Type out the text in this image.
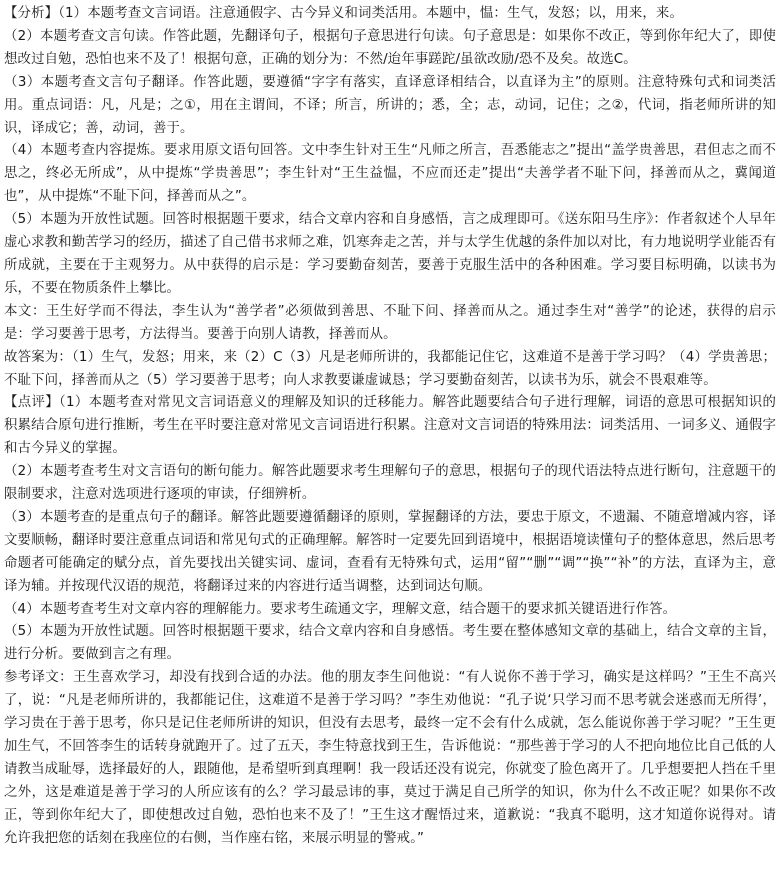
【分析】（1）本题考查文言词语。注意通假字、古今异义和词类活用。本题中，愠：生气，发怒；以，用来，来。

（2）本题考查文言句读。作答此题，先翻译句子，根据句子意思进行句读。句子意思是：如果你不改正，等到你年纪大了，即使想改过自勉，恐怕也来不及了！根据句意，正确的划分为：不然/迨年事蹉跎/虽欲改励/恐不及矣。故选C。

（3）本题考查文言句子翻译。作答此题，要遵循“字字有落实，直译意译相结合，以直译为主”的原则。注意特殊句式和词类活用。重点词语：凡，凡是；之①，用在主谓间，不译；所言，所讲的；悉，全；志，动词，记住；之②，代词，指老师所讲的知识，译成它；善，动词，善于。

（4）本题考查内容提炼。要求用原文语句回答。文中李生针对王生“凡师之所言，吾悉能志之”提出“盖学贵善思，君但志之而不思之，终必无所成”，从中提炼“学贵善思”；李生针对“王生益愠，不应而还走”提出“夫善学者不耻下问，择善而从之，冀闻道也”，从中提炼“不耻下问，择善而从之”。

（5）本题为开放性试题。回答时根据题干要求，结合文章内容和自身感悟，言之成理即可。《送东阳马生序》：作者叙述个人早年虚心求教和勤苦学习的经历，描述了自己借书求师之难，饥寒奔走之苦，并与太学生优越的条件加以对比，有力地说明学业能否有所成就，主要在于主观努力。从中获得的启示是：学习要勤奋刻苦，要善于克服生活中的各种困难。学习要目标明确，以读书为乐，不要在物质条件上攀比。

本文：王生好学而不得法，李生认为“善学者”必须做到善思、不耻下问、择善而从之。通过李生对“善学”的论述，获得的启示是：学习要善于思考，方法得当。要善于向别人请教，择善而从。

故答案为：（1）生气，发怒；用来，来（2）C（3）凡是老师所讲的，我都能记住它，这难道不是善于学习吗？（4）学贵善思；不耻下问，择善而从之（5）学习要善于思考；向人求教要谦虚诚恳；学习要勤奋刻苦，以读书为乐，就会不畏艰难等。

【点评】（1）本题考查对常见文言词语意义的理解及知识的迁移能力。解答此题要结合句子进行理解，词语的意思可根据知识的积累结合原句进行推断，考生在平时要注意对常见文言词语进行积累。注意对文言词语的特殊用法：词类活用、一词多义、通假字和古今异义的掌握。

（2）本题考查考生对文言语句的断句能力。解答此题要求考生理解句子的意思，根据句子的现代语法特点进行断句，注意题干的限制要求，注意对选项进行逐项的审读，仔细辨析。

（3）本题考查的是重点句子的翻译。解答此题要遵循翻译的原则，掌握翻译的方法，要忠于原文，不遗漏、不随意增减内容，译文要顺畅，翻译时要注意重点词语和常见句式的正确理解。解答时一定要先回到语境中，根据语境读懂句子的整体意思，然后思考命题者可能确定的赋分点，首先要找出关键实词、虚词，查看有无特殊句式，运用“留”“删”“调”“换”“补”的方法，直译为主，意译为辅。并按现代汉语的规范，将翻译过来的内容进行适当调整，达到词达句顺。

（4）本题考查考生对文章内容的理解能力。要求考生疏通文字，理解文意，结合题干的要求抓关键语进行作答。

（5）本题为开放性试题。回答时根据题干要求，结合文章内容和自身感悟。考生要在整体感知文章的基础上，结合文章的主旨，进行分析。要做到言之有理。

参考译文：王生喜欢学习，却没有找到合适的办法。他的朋友李生问他说：“有人说你不善于学习，确实是这样吗？”王生不高兴了，说：“凡是老师所讲的，我都能记住，这难道不是善于学习吗？”李生劝他说：“孔子说‘只学习而不思考就会迷惑而无所得’，学习贵在于善于思考，你只是记住老师所讲的知识，但没有去思考，最终一定不会有什么成就，怎么能说你善于学习呢？”王生更加生气，不回答李生的话转身就跑开了。过了五天，李生特意找到王生，告诉他说：“那些善于学习的人不把向地位比自己低的人请教当成耻辱，选择最好的人，跟随他，是希望听到真理啊！我一段话还没有说完，你就变了脸色离开了。几乎想要把人挡在千里之外，这是难道是善于学习的人所应该有的么？学习最忌讳的事，莫过于满足自己所学的知识，你为什么不改正呢？如果你不改正，等到你年纪大了，即使想改过自勉，恐怕也来不及了！”王生这才醒悟过来，道歉说：“我真不聪明，这才知道你说得对。请允许我把您的话刻在我座位的右侧，当作座右铭，来展示明显的警戒。”
